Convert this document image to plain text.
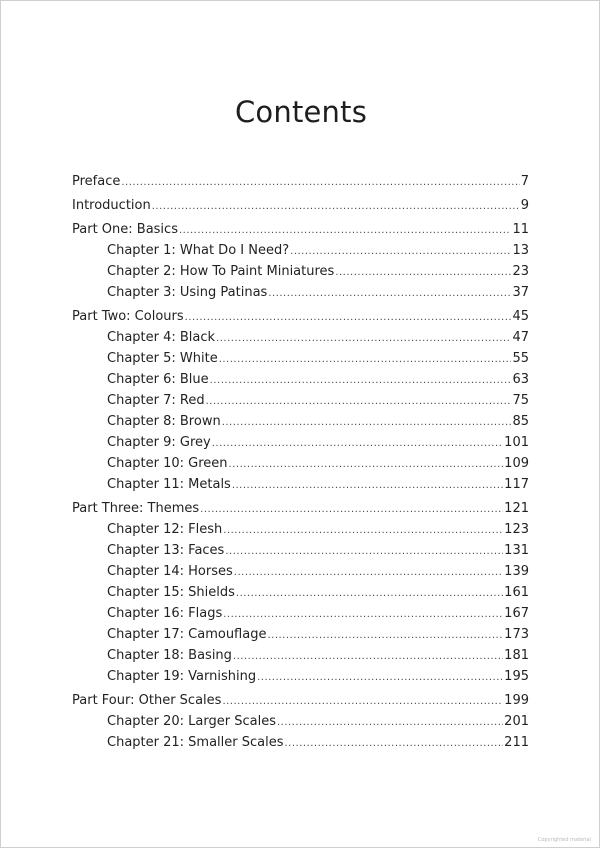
Contents
Preface .....	7
Introduction .....	9
Part One: Basics .....	11
Chapter 1: What Do I Need? .....	13
Chapter 2: How To Paint Miniatures .....	23
Chapter 3: Using Patinas .....	37
Part Two: Colours .....	45
Chapter 4: Black .....	47
Chapter 5: White .....	55
Chapter 6: Blue .....	63
Chapter 7: Red .....	75
Chapter 8: Brown .....	85
Chapter 9: Grey .....	101
Chapter 10: Green .....	109
Chapter 11: Metals .....	117
Part Three: Themes .....	121
Chapter 12: Flesh .....	123
Chapter 13: Faces .....	131
Chapter 14: Horses .....	139
Chapter 15: Shields .....	161
Chapter 16: Flags .....	167
Chapter 17: Camouflage .....	173
Chapter 18: Basing .....	181
Chapter 19: Varnishing .....	195
Part Four: Other Scales .....	199
Chapter 20: Larger Scales .....	201
Chapter 21: Smaller Scales .....	211
Copyrighted material
